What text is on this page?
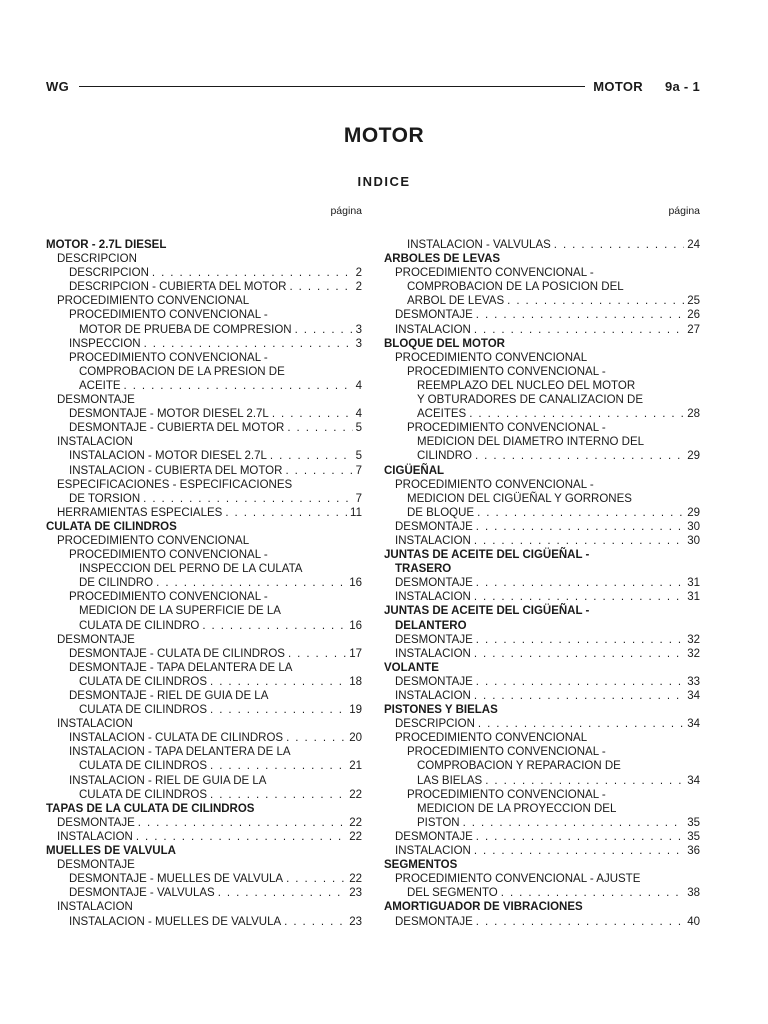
WG	MOTOR 9a - 1
MOTOR
INDICE
página
MOTOR - 2.7L DIESEL
DESCRIPCION
DESCRIPCION . . .	2
DESCRIPCION - CUBIERTA DEL MOTOR . . .	2
PROCEDIMIENTO CONVENCIONAL
PROCEDIMIENTO CONVENCIONAL -
MOTOR DE PRUEBA DE COMPRESION . . .	3
INSPECCION . . .	3
PROCEDIMIENTO CONVENCIONAL -
COMPROBACION DE LA PRESION DE
ACEITE . . .	4
DESMONTAJE
DESMONTAJE - MOTOR DIESEL 2.7L . . .	4
DESMONTAJE - CUBIERTA DEL MOTOR . . .	5
INSTALACION
INSTALACION - MOTOR DIESEL 2.7L . . .	5
INSTALACION - CUBIERTA DEL MOTOR . . .	7
ESPECIFICACIONES - ESPECIFICACIONES
DE TORSION . . .	7
HERRAMIENTAS ESPECIALES . . .	11
CULATA DE CILINDROS
PROCEDIMIENTO CONVENCIONAL
PROCEDIMIENTO CONVENCIONAL -
INSPECCION DEL PERNO DE LA CULATA
DE CILINDRO . . .	16
PROCEDIMIENTO CONVENCIONAL -
MEDICION DE LA SUPERFICIE DE LA
CULATA DE CILINDRO . . .	16
DESMONTAJE
DESMONTAJE - CULATA DE CILINDROS . . .	17
DESMONTAJE - TAPA DELANTERA DE LA
CULATA DE CILINDROS . . .	18
DESMONTAJE - RIEL DE GUIA DE LA
CULATA DE CILINDROS . . .	19
INSTALACION
INSTALACION - CULATA DE CILINDROS . . .	20
INSTALACION - TAPA DELANTERA DE LA
CULATA DE CILINDROS . . .	21
INSTALACION - RIEL DE GUIA DE LA
CULATA DE CILINDROS . . .	22
TAPAS DE LA CULATA DE CILINDROS
DESMONTAJE . . .	22
INSTALACION . . .	22
MUELLES DE VALVULA
DESMONTAJE
DESMONTAJE - MUELLES DE VALVULA . . .	22
DESMONTAJE - VALVULAS . . .	23
INSTALACION
INSTALACION - MUELLES DE VALVULA . . .	23
página
INSTALACION - VALVULAS . . .	24
ARBOLES DE LEVAS
PROCEDIMIENTO CONVENCIONAL -
COMPROBACION DE LA POSICION DEL
ARBOL DE LEVAS . . .	25
DESMONTAJE . . .	26
INSTALACION . . .	27
BLOQUE DEL MOTOR
PROCEDIMIENTO CONVENCIONAL
PROCEDIMIENTO CONVENCIONAL -
REEMPLAZO DEL NUCLEO DEL MOTOR
Y OBTURADORES DE CANALIZACION DE
ACEITES . . .	28
PROCEDIMIENTO CONVENCIONAL -
MEDICION DEL DIAMETRO INTERNO DEL
CILINDRO . . .	29
CIGÜEÑAL
PROCEDIMIENTO CONVENCIONAL -
MEDICION DEL CIGÜEÑAL Y GORRONES
DE BLOQUE . . .	29
DESMONTAJE . . .	30
INSTALACION . . .	30
JUNTAS DE ACEITE DEL CIGÜEÑAL -
TRASERO
DESMONTAJE . . .	31
INSTALACION . . .	31
JUNTAS DE ACEITE DEL CIGÜEÑAL -
DELANTERO
DESMONTAJE . . .	32
INSTALACION . . .	32
VOLANTE
DESMONTAJE . . .	33
INSTALACION . . .	34
PISTONES Y BIELAS
DESCRIPCION . . .	34
PROCEDIMIENTO CONVENCIONAL
PROCEDIMIENTO CONVENCIONAL -
COMPROBACION Y REPARACION DE
LAS BIELAS . . .	34
PROCEDIMIENTO CONVENCIONAL -
MEDICION DE LA PROYECCION DEL
PISTON . . .	35
DESMONTAJE . . .	35
INSTALACION . . .	36
SEGMENTOS
PROCEDIMIENTO CONVENCIONAL - AJUSTE
DEL SEGMENTO . . .	38
AMORTIGUADOR DE VIBRACIONES
DESMONTAJE . . .	40
